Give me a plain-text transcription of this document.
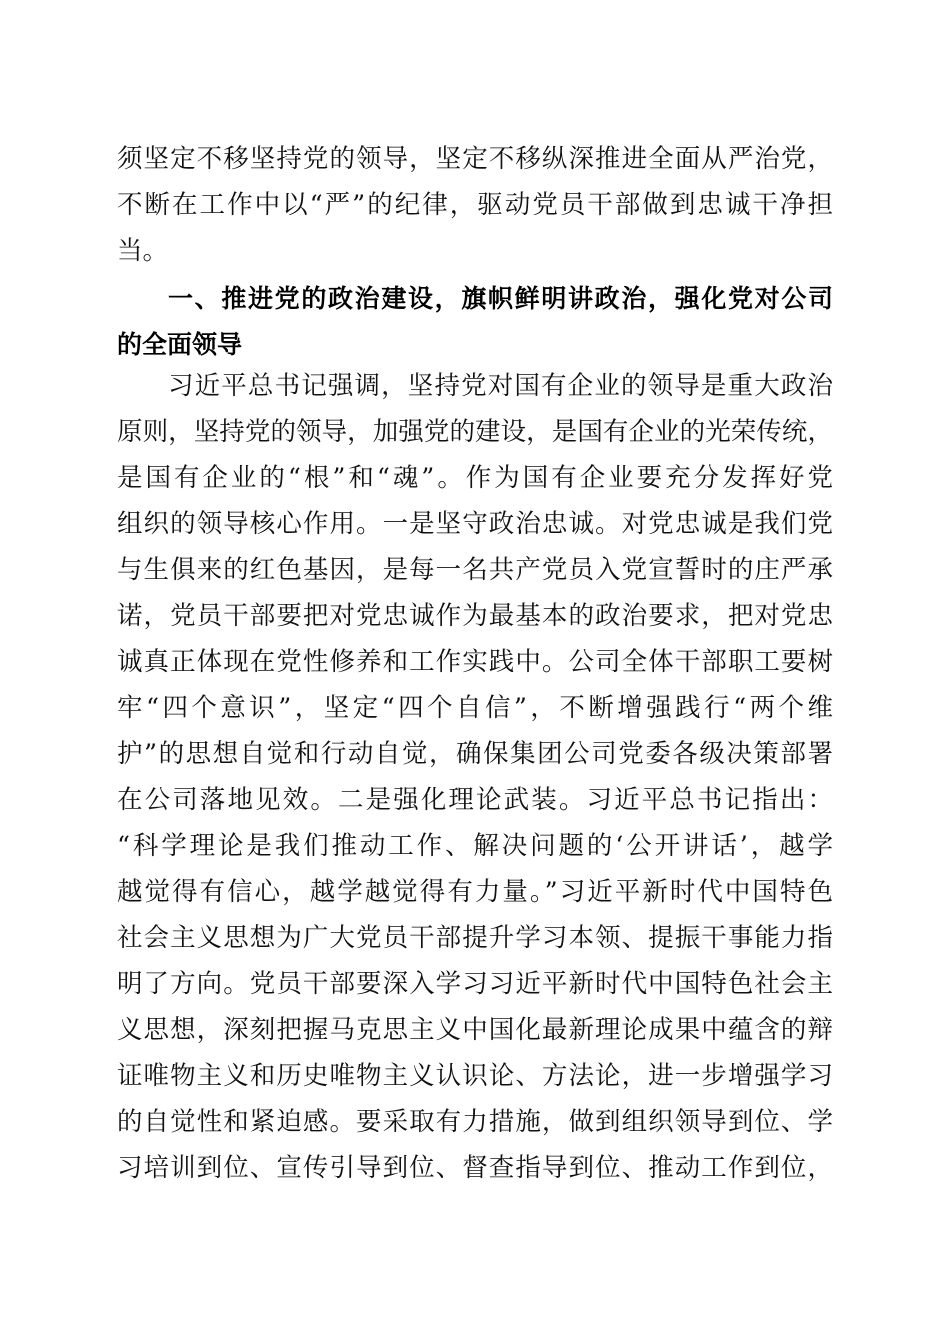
须坚定不移坚持党的领导，坚定不移纵深推进全面从严治党，
不断在工作中以“严”的纪律，驱动党员干部做到忠诚干净担
当。
一、推进党的政治建设，旗帜鲜明讲政治，强化党对公司
的全面领导
习近平总书记强调，坚持党对国有企业的领导是重大政治
原则，坚持党的领导，加强党的建设，是国有企业的光荣传统，
是国有企业的“根”和“魂”。作为国有企业要充分发挥好党
组织的领导核心作用。一是坚守政治忠诚。对党忠诚是我们党
与生俱来的红色基因，是每一名共产党员入党宣誓时的庄严承
诺，党员干部要把对党忠诚作为最基本的政治要求，把对党忠
诚真正体现在党性修养和工作实践中。公司全体干部职工要树
牢“四个意识”，坚定“四个自信”，不断增强践行“两个维
护”的思想自觉和行动自觉，确保集团公司党委各级决策部署
在公司落地见效。二是强化理论武装。习近平总书记指出：
“科学理论是我们推动工作、解决问题的‘公开讲话’，越学
越觉得有信心，越学越觉得有力量。”习近平新时代中国特色
社会主义思想为广大党员干部提升学习本领、提振干事能力指
明了方向。党员干部要深入学习习近平新时代中国特色社会主
义思想，深刻把握马克思主义中国化最新理论成果中蕴含的辩
证唯物主义和历史唯物主义认识论、方法论，进一步增强学习
的自觉性和紧迫感。要采取有力措施，做到组织领导到位、学
习培训到位、宣传引导到位、督查指导到位、推动工作到位，
